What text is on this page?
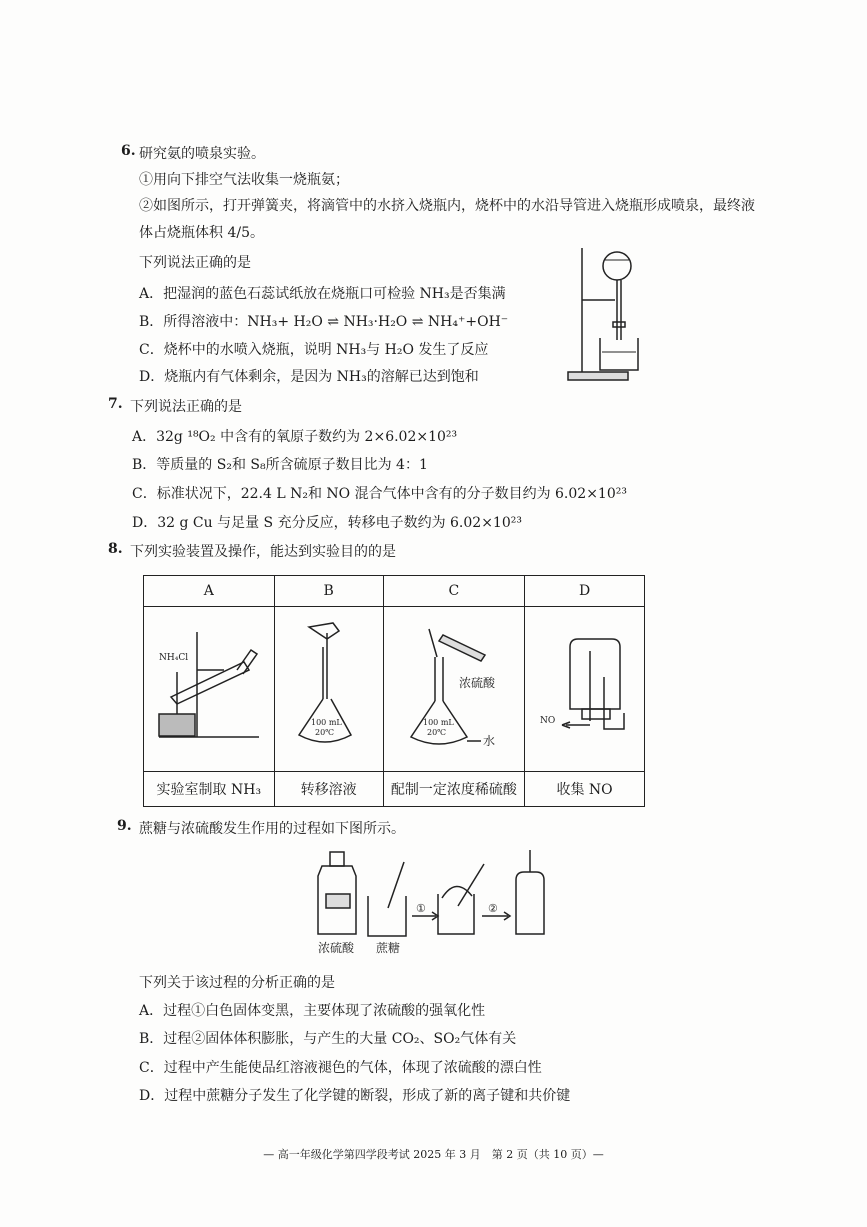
6. 研究氨的喷泉实验。
①用向下排空气法收集一烧瓶氨；
②如图所示，打开弹簧夹，将滴管中的水挤入烧瓶内，烧杯中的水沿导管进入烧瓶形成喷泉，最终液
体占烧瓶体积 4/5。
下列说法正确的是
A．把湿润的蓝色石蕊试纸放在烧瓶口可检验 NH₃是否集满
B．所得溶液中：NH₃+ H₂O ⇌ NH₃·H₂O ⇌ NH₄⁺+OH⁻
C．烧杯中的水喷入烧瓶，说明 NH₃与 H₂O 发生了反应
D．烧瓶内有气体剩余，是因为 NH₃的溶解已达到饱和
7. 下列说法正确的是
A．32g ¹⁸O₂ 中含有的氧原子数约为 2×6.02×10²³
B．等质量的 S₂和 S₈所含硫原子数目比为 4：1
C．标准状况下，22.4 L N₂和 NO 混合气体中含有的分子数目约为 6.02×10²³
D．32 g Cu 与足量 S 充分反应，转移电子数约为 6.02×10²³
8. 下列实验装置及操作，能达到实验目的的是
A	B	C	D

NH₄Cl	100 mL
20℃	浓硫酸
100 mL
20℃
水	NO

实验室制取 NH₃	转移溶液	配制一定浓度稀硫酸	收集 NO
9. 蔗糖与浓硫酸发生作用的过程如下图所示。
①	②
浓硫酸 蔗糖
下列关于该过程的分析正确的是
A．过程①白色固体变黑，主要体现了浓硫酸的强氧化性
B．过程②固体体积膨胀，与产生的大量 CO₂、SO₂气体有关
C．过程中产生能使品红溶液褪色的气体，体现了浓硫酸的漂白性
D．过程中蔗糖分子发生了化学键的断裂，形成了新的离子键和共价键
— 高一年级化学第四学段考试 2025 年 3 月　第 2 页（共 10 页）—
